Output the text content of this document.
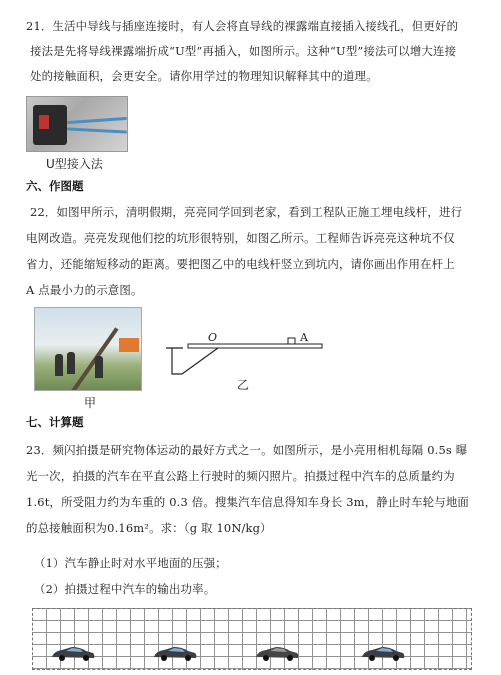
21．生活中导线与插座连接时，有人会将直导线的裸露端直接插入接线孔，但更好的
接法是先将导线裸露端折成“U型”再插入，如图所示。这种“U型”接法可以增大连接
处的接触面积，会更安全。请你用学过的物理知识解释其中的道理。
U型接入法
六、作图题
22．如图甲所示，清明假期，亮亮同学回到老家，看到工程队正施工埋电线杆，进行
电网改造。亮亮发现他们挖的坑形很特别，如图乙所示。工程师告诉亮亮这种坑不仅
省力，还能缩短移动的距离。要把图乙中的电线杆竖立到坑内，请你画出作用在杆上
A 点最小力的示意图。
甲
O	A
乙
七、计算题
23．频闪拍摄是研究物体运动的最好方式之一。如图所示，是小亮用相机每隔 0.5s 曝
光一次，拍摄的汽车在平直公路上行驶时的频闪照片。拍摄过程中汽车的总质量约为
1.6t，所受阻力约为车重的 0.3 倍。搜集汽车信息得知车身长 3m，静止时车轮与地面
的总接触面积为0.16m²。求：（g 取 10N/kg）
（1）汽车静止时对水平地面的压强；
（2）拍摄过程中汽车的输出功率。
